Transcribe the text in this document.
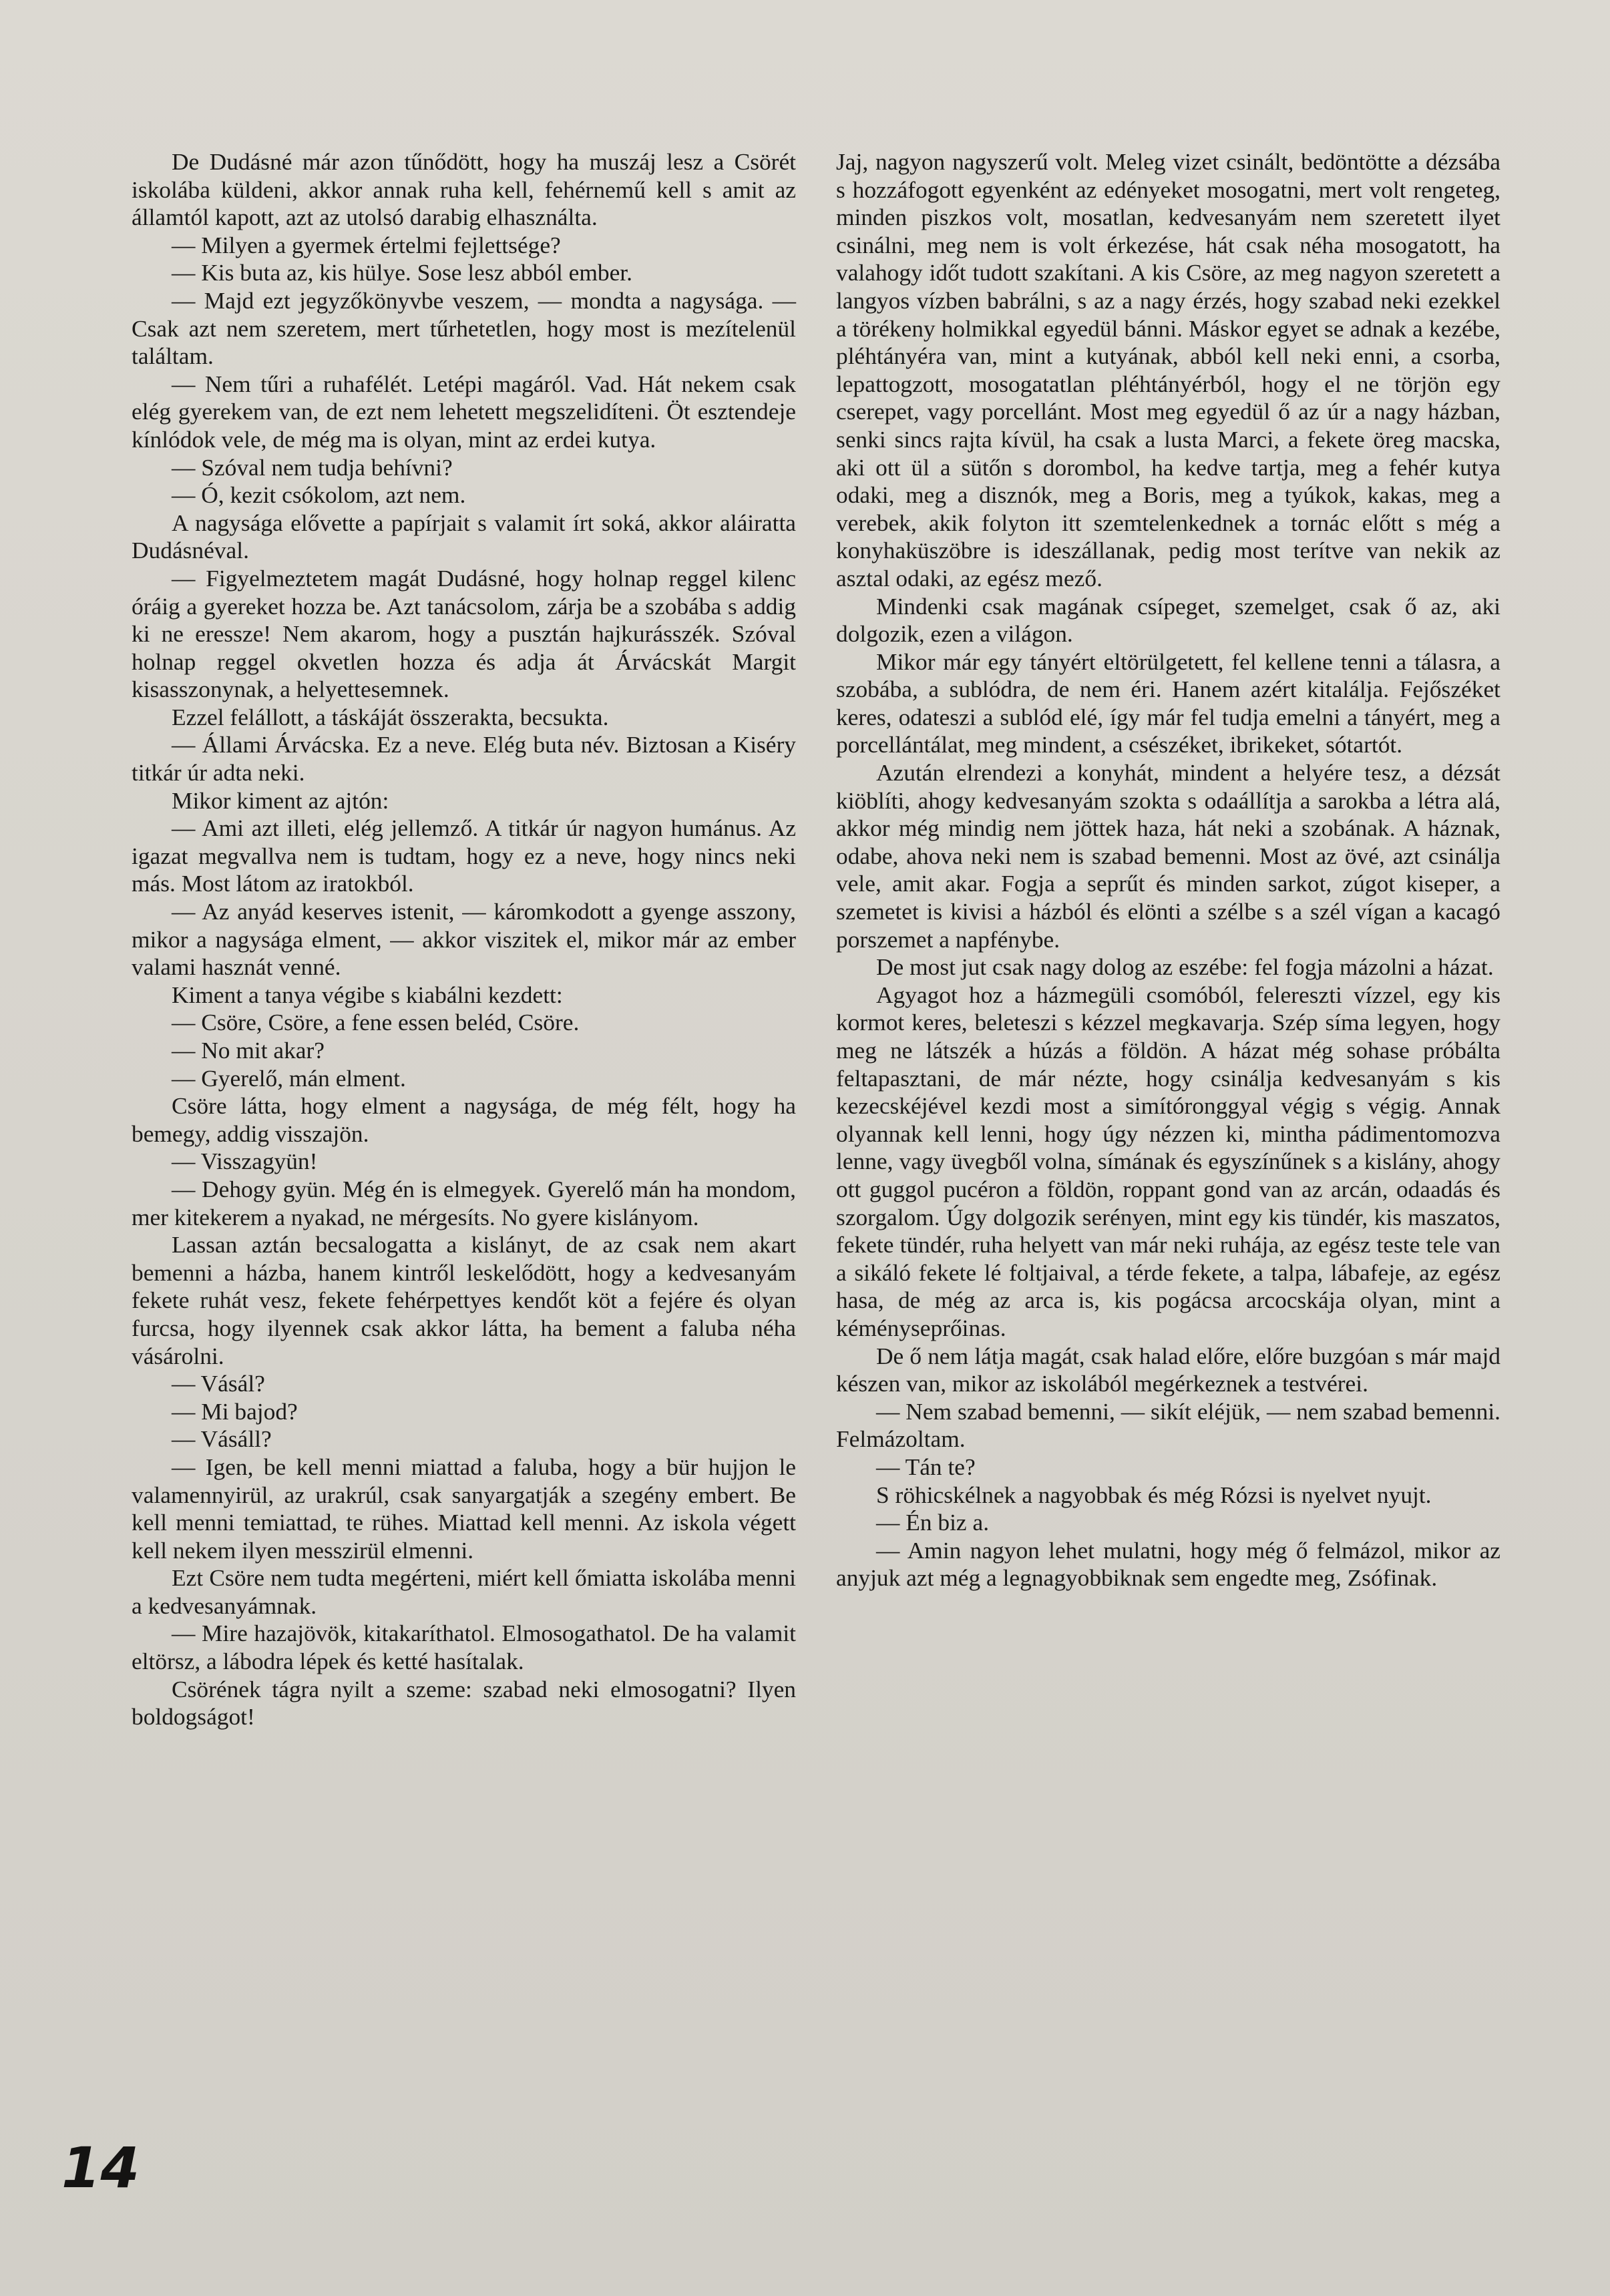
De Dudásné már azon tűnődött, hogy ha muszáj lesz a Csörét iskolába küldeni, akkor annak ruha kell, fehérnemű kell s amit az államtól kapott, azt az utolsó darabig elhasználta.

— Milyen a gyermek értelmi fejlettsége?

— Kis buta az, kis hülye. Sose lesz abból ember.

— Majd ezt jegyzőkönyvbe veszem, — mondta a nagysága. — Csak azt nem szeretem, mert tűrhetetlen, hogy most is mezítelenül találtam.

— Nem tűri a ruhafélét. Letépi magáról. Vad. Hát nekem csak elég gyerekem van, de ezt nem lehetett megszelidíteni. Öt esztendeje kínlódok vele, de még ma is olyan, mint az erdei kutya.

— Szóval nem tudja behívni?

— Ó, kezit csókolom, azt nem.

A nagysága elővette a papírjait s valamit írt soká, akkor aláiratta Dudásnéval.

— Figyelmeztetem magát Dudásné, hogy holnap reggel kilenc óráig a gyereket hozza be. Azt tanácsolom, zárja be a szobába s addig ki ne eressze! Nem akarom, hogy a pusztán hajkurásszék. Szóval holnap reggel okvetlen hozza és adja át Árvácskát Margit kisasszonynak, a helyettesemnek.

Ezzel felállott, a táskáját összerakta, becsukta.

— Állami Árvácska. Ez a neve. Elég buta név. Biztosan a Kiséry titkár úr adta neki.

Mikor kiment az ajtón:

— Ami azt illeti, elég jellemző. A titkár úr nagyon humánus. Az igazat megvallva nem is tudtam, hogy ez a neve, hogy nincs neki más. Most látom az iratokból.

— Az anyád keserves istenit, — káromkodott a gyenge asszony, mikor a nagysága elment, — akkor viszitek el, mikor már az ember valami hasznát venné.

Kiment a tanya végibe s kiabálni kezdett:

— Csöre, Csöre, a fene essen beléd, Csöre.

— No mit akar?

— Gyerelő, mán elment.

Csöre látta, hogy elment a nagysága, de még félt, hogy ha bemegy, addig visszajön.

— Visszagyün!

— Dehogy gyün. Még én is elmegyek. Gyerelő mán ha mondom, mer kitekerem a nyakad, ne mérgesíts. No gyere kislányom.

Lassan aztán becsalogatta a kislányt, de az csak nem akart bemenni a házba, hanem kintről leskelődött, hogy a kedvesanyám fekete ruhát vesz, fekete fehérpettyes kendőt köt a fejére és olyan furcsa, hogy ilyennek csak akkor látta, ha bement a faluba néha vásárolni.

— Vásál?

— Mi bajod?

— Vásáll?

— Igen, be kell menni miattad a faluba, hogy a bür hujjon le valamennyirül, az urakrúl, csak sanyargatják a szegény embert. Be kell menni temiattad, te rühes. Miattad kell menni. Az iskola végett kell nekem ilyen messzirül elmenni.

Ezt Csöre nem tudta megérteni, miért kell őmiatta iskolába menni a kedvesanyámnak.

— Mire hazajövök, kitakaríthatol. Elmosogathatol. De ha valamit eltörsz, a lábodra lépek és ketté hasítalak.

Csörének tágra nyilt a szeme: szabad neki elmosogatni? Ilyen boldogságot!

Jaj, nagyon nagyszerű volt. Meleg vizet csinált, bedöntötte a dézsába s hozzáfogott egyenként az edényeket mosogatni, mert volt rengeteg, minden piszkos volt, mosatlan, kedvesanyám nem szeretett ilyet csinálni, meg nem is volt érkezése, hát csak néha mosogatott, ha valahogy időt tudott szakítani. A kis Csöre, az meg nagyon szeretett a langyos vízben babrálni, s az a nagy érzés, hogy szabad neki ezekkel a törékeny holmikkal egyedül bánni. Máskor egyet se adnak a kezébe, pléhtányéra van, mint a kutyának, abból kell neki enni, a csorba, lepattogzott, mosogatatlan pléhtányérból, hogy el ne törjön egy cserepet, vagy porcellánt. Most meg egyedül ő az úr a nagy házban, senki sincs rajta kívül, ha csak a lusta Marci, a fekete öreg macska, aki ott ül a sütőn s dorombol, ha kedve tartja, meg a fehér kutya odaki, meg a disznók, meg a Boris, meg a tyúkok, kakas, meg a verebek, akik folyton itt szemtelenkednek a tornác előtt s még a konyhaküszöbre is ideszállanak, pedig most terítve van nekik az asztal odaki, az egész mező.

Mindenki csak magának csípeget, szemelget, csak ő az, aki dolgozik, ezen a világon.

Mikor már egy tányért eltörülgetett, fel kellene tenni a tálasra, a szobába, a sublódra, de nem éri. Hanem azért kitalálja. Fejőszéket keres, odateszi a sublód elé, így már fel tudja emelni a tányért, meg a porcellántálat, meg mindent, a csészéket, ibrikeket, sótartót.

Azután elrendezi a konyhát, mindent a helyére tesz, a dézsát kiöblíti, ahogy kedvesanyám szokta s odaállítja a sarokba a létra alá, akkor még mindig nem jöttek haza, hát neki a szobának. A háznak, odabe, ahova neki nem is szabad bemenni. Most az övé, azt csinálja vele, amit akar. Fogja a seprűt és minden sarkot, zúgot kiseper, a szemetet is kivisi a házból és elönti a szélbe s a szél vígan a kacagó porszemet a napfénybe.

De most jut csak nagy dolog az eszébe: fel fogja mázolni a házat.

Agyagot hoz a házmegüli csomóból, felereszti vízzel, egy kis kormot keres, beleteszi s kézzel megkavarja. Szép síma legyen, hogy meg ne látszék a húzás a földön. A házat még sohase próbálta feltapasztani, de már nézte, hogy csinálja kedvesanyám s kis kezecskéjével kezdi most a simítóronggyal végig s végig. Annak olyannak kell lenni, hogy úgy nézzen ki, mintha pádimentomozva lenne, vagy üvegből volna, símának és egyszínűnek s a kislány, ahogy ott guggol pucéron a földön, roppant gond van az arcán, odaadás és szorgalom. Úgy dolgozik serényen, mint egy kis tündér, kis maszatos, fekete tündér, ruha helyett van már neki ruhája, az egész teste tele van a sikáló fekete lé foltjaival, a térde fekete, a talpa, lábafeje, az egész hasa, de még az arca is, kis pogácsa arcocskája olyan, mint a kéményseprőinas.

De ő nem látja magát, csak halad előre, előre buzgóan s már majd készen van, mikor az iskolából megérkeznek a testvérei.

— Nem szabad bemenni, — sikít eléjük, — nem szabad bemenni. Felmázoltam.

— Tán te?

S röhicskélnek a nagyobbak és még Rózsi is nyelvet nyujt.

— Én biz a.

— Amin nagyon lehet mulatni, hogy még ő felmázol, mikor az anyjuk azt még a legnagyobbiknak sem engedte meg, Zsófinak.

14
